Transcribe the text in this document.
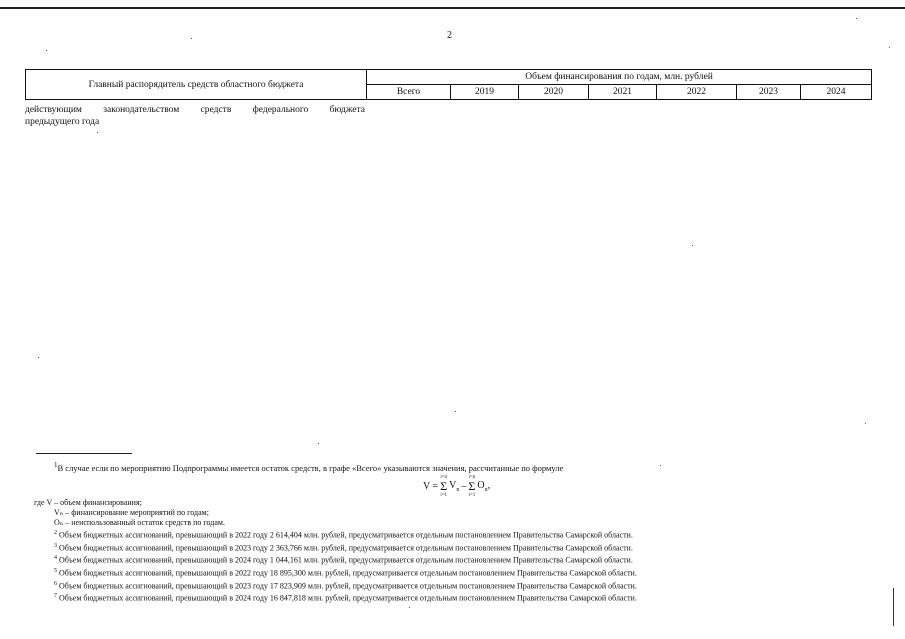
2
Главный распорядитель средств областного бюджета	Объем финансирования по годам, млн. рублей						
	Всего	2019	2020	2021	2022	2023	2024
действующим законодательством средств федерального бюджета
предыдущего года
$^1$В случае если по мероприятию Подпрограммы имеется остаток средств, в графе «Всего» указываются значения, рассчитанные по формуле
V =
i=n
Σ
i=1
$V_n$ –
i=n
Σ
i=1
$O_n$,
где V – объем финансирования;
Vₙ – финансирование мероприятий по годам;
Оₙ – неиспользованный остаток средств по годам.
$^2$ Объем бюджетных ассигнований, превышающий в 2022 году 2 614,404 млн. рублей, предусматривается отдельным постановлением Правительства Самарской области.
$^3$ Объем бюджетных ассигнований, превышающий в 2023 году 2 363,766 млн. рублей, предусматривается отдельным постановлением Правительства Самарской области.
$^4$ Объем бюджетных ассигнований, превышающий в 2024 году 1 044,161 млн. рублей, предусматривается отдельным постановлением Правительства Самарской области.
$^5$ Объем бюджетных ассигнований, превышающий в 2022 году 18 895,300 млн. рублей, предусматривается отдельным постановлением Правительства Самарской области.
$^6$ Объем бюджетных ассигнований, превышающий в 2023 году 17 823,909 млн. рублей, предусматривается отдельным постановлением Правительства Самарской области.
$^7$ Объем бюджетных ассигнований, превышающий в 2024 году 16 847,818 млн. рублей, предусматривается отдельным постановлением Правительства Самарской области.
